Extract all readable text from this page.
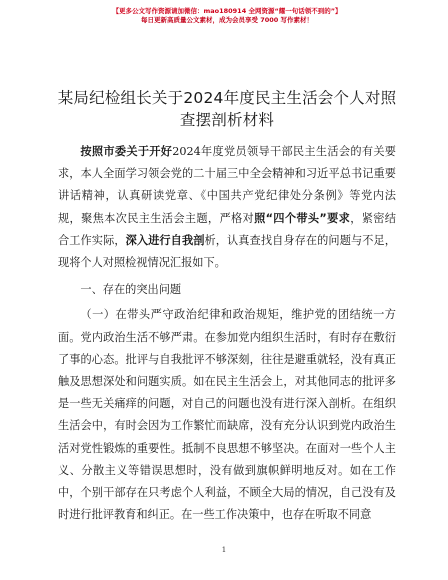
【更多公文写作资源请加微信：mao180914 全网资源“耀一句话领不到的”】
每日更新高质量公文素材，成为会员享受 7000 写作素材！
某局纪检组长关于2024年度民主生活会个人对照查摆剖析材料

按照市委关于开好2024年度党员领导干部民主生活会的有关要求，本人全面学习领会党的二十届三中全会精神和习近平总书记重要讲话精神，认真研读党章、《中国共产党纪律处分条例》等党内法规，聚焦本次民主生活会主题，严格对照“四个带头”要求，紧密结合工作实际，深入进行自我剖析，认真查找自身存在的问题与不足，现将个人对照检视情况汇报如下。

一、存在的突出问题

（一）在带头严守政治纪律和政治规矩，维护党的团结统一方面。党内政治生活不够严肃。在参加党内组织生活时，有时存在敷衍了事的心态。批评与自我批评不够深刻，往往是避重就轻，没有真正触及思想深处和问题实质。如在民主生活会上，对其他同志的批评多是一些无关痛痒的问题，对自己的问题也没有进行深入剖析。在组织生活会中，有时会因为工作繁忙而缺席，没有充分认识到党内政治生活对党性锻炼的重要性。抵制不良思想不够坚决。在面对一些个人主义、分散主义等错误思想时，没有做到旗帜鲜明地反对。如在工作中，个别干部存在只考虑个人利益，不顾全大局的情况，自己没有及时进行批评教育和纠正。在一些工作决策中，也存在听取不同意

1
